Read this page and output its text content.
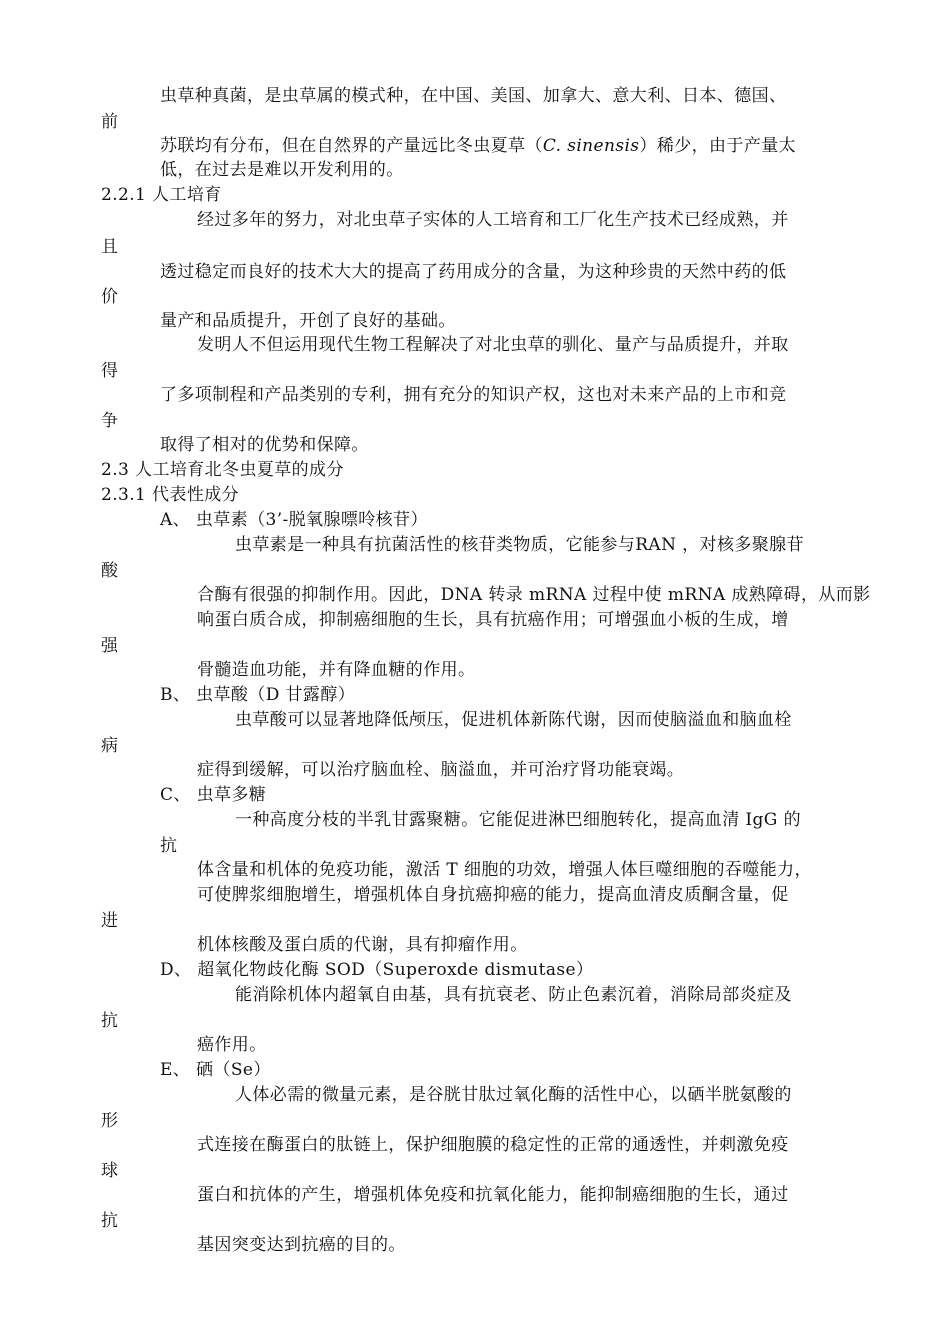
虫草种真菌，是虫草属的模式种，在中国、美国、加拿大、意大利、日本、德国、
前
苏联均有分布，但在自然界的产量远比冬虫夏草（C. sinensis）稀少，由于产量太
低，在过去是难以开发利用的。
2.2.1 人工培育
经过多年的努力，对北虫草子实体的人工培育和工厂化生产技术已经成熟，并
且
透过稳定而良好的技术大大的提高了药用成分的含量，为这种珍贵的天然中药的低
价
量产和品质提升，开创了良好的基础。
发明人不但运用现代生物工程解决了对北虫草的驯化、量产与品质提升，并取
得
了多项制程和产品类别的专利，拥有充分的知识产权，这也对未来产品的上市和竞
争
取得了相对的优势和保障。
2.3 人工培育北冬虫夏草的成分
2.3.1 代表性成分
A、 虫草素（3’-脱氧腺嘌呤核苷）
虫草素是一种具有抗菌活性的核苷类物质，它能参与RAN ，对核多聚腺苷
酸
合酶有很强的抑制作用。因此，DNA 转录 mRNA 过程中使 mRNA 成熟障碍，从而影
响蛋白质合成，抑制癌细胞的生长，具有抗癌作用；可增强血小板的生成，增
强
骨髓造血功能，并有降血糖的作用。
B、 虫草酸（D 甘露醇）
虫草酸可以显著地降低颅压，促进机体新陈代谢，因而使脑溢血和脑血栓
病
症得到缓解，可以治疗脑血栓、脑溢血，并可治疗肾功能衰竭。
C、 虫草多糖
一种高度分枝的半乳甘露聚糖。它能促进淋巴细胞转化，提高血清 IgG 的
抗
体含量和机体的免疫功能，激活 T 细胞的功效，增强人体巨噬细胞的吞噬能力，
可使脾浆细胞增生，增强机体自身抗癌抑癌的能力，提高血清皮质酮含量，促
进
机体核酸及蛋白质的代谢，具有抑瘤作用。
D、 超氧化物歧化酶 SOD（Superoxde dismutase）
能消除机体内超氧自由基，具有抗衰老、防止色素沉着，消除局部炎症及
抗
癌作用。
E、 硒（Se）
人体必需的微量元素，是谷胱甘肽过氧化酶的活性中心，以硒半胱氨酸的
形
式连接在酶蛋白的肽链上，保护细胞膜的稳定性的正常的通透性，并刺激免疫
球
蛋白和抗体的产生，增强机体免疫和抗氧化能力，能抑制癌细胞的生长，通过
抗
基因突变达到抗癌的目的。
